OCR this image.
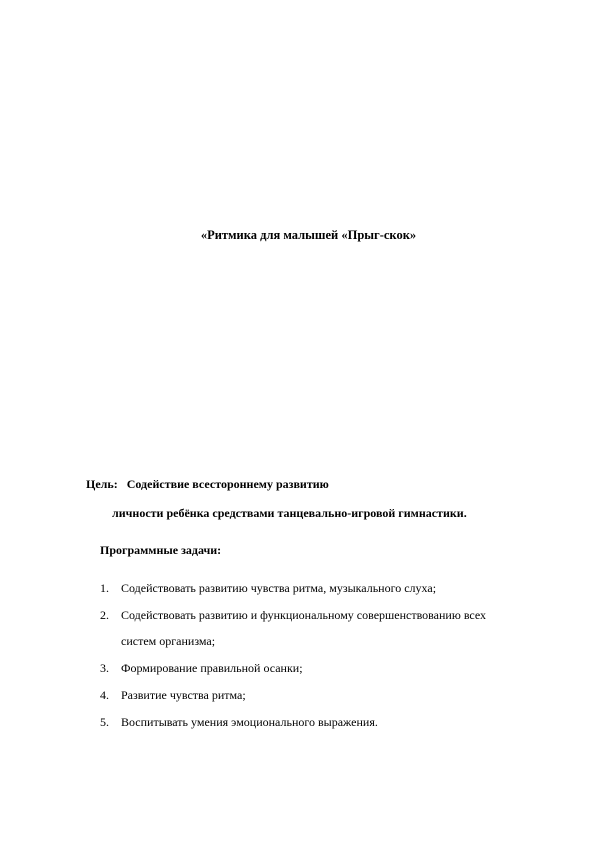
«Ритмика для малышей «Прыг-скок»
Цель: Содействие всестороннему развитию
личности ребёнка средствами танцевально-игровой гимнастики.
Программные задачи:
1. Содействовать развитию чувства ритма, музыкального слуха;
2. Содействовать развитию и функциональному совершенствованию всех
систем организма;
3. Формирование правильной осанки;
4. Развитие чувства ритма;
5. Воспитывать умения эмоционального выражения.
